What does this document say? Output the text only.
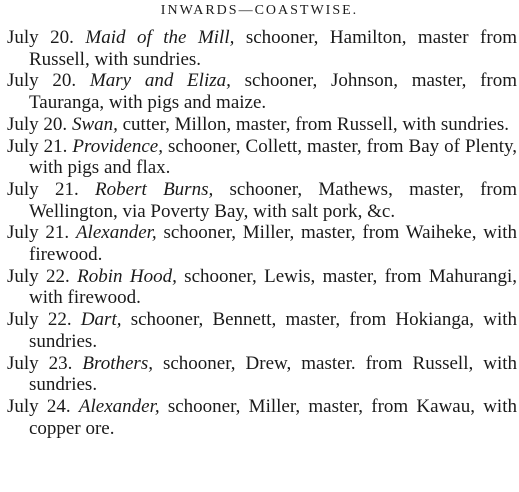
INWARDS—COASTWISE.

July 20. Maid of the Mill, schooner, Hamilton, master from Russell, with sundries.

July 20. Mary and Eliza, schooner, Johnson, master, from Tauranga, with pigs and maize.

July 20. Swan, cutter, Millon, master, from Russell, with sundries.

July 21. Providence, schooner, Collett, master, from Bay of Plenty, with pigs and flax.

July 21. Robert Burns, schooner, Mathews, master, from Wellington, via Poverty Bay, with salt pork, &c.

July 21. Alexander, schooner, Miller, master, from Waiheke, with firewood.

July 22. Robin Hood, schooner, Lewis, master, from Mahurangi, with firewood.

July 22. Dart, schooner, Bennett, master, from Hokianga, with sundries.

July 23. Brothers, schooner, Drew, master. from Russell, with sundries.

July 24. Alexander, schooner, Miller, master, from Kawau, with copper ore.
